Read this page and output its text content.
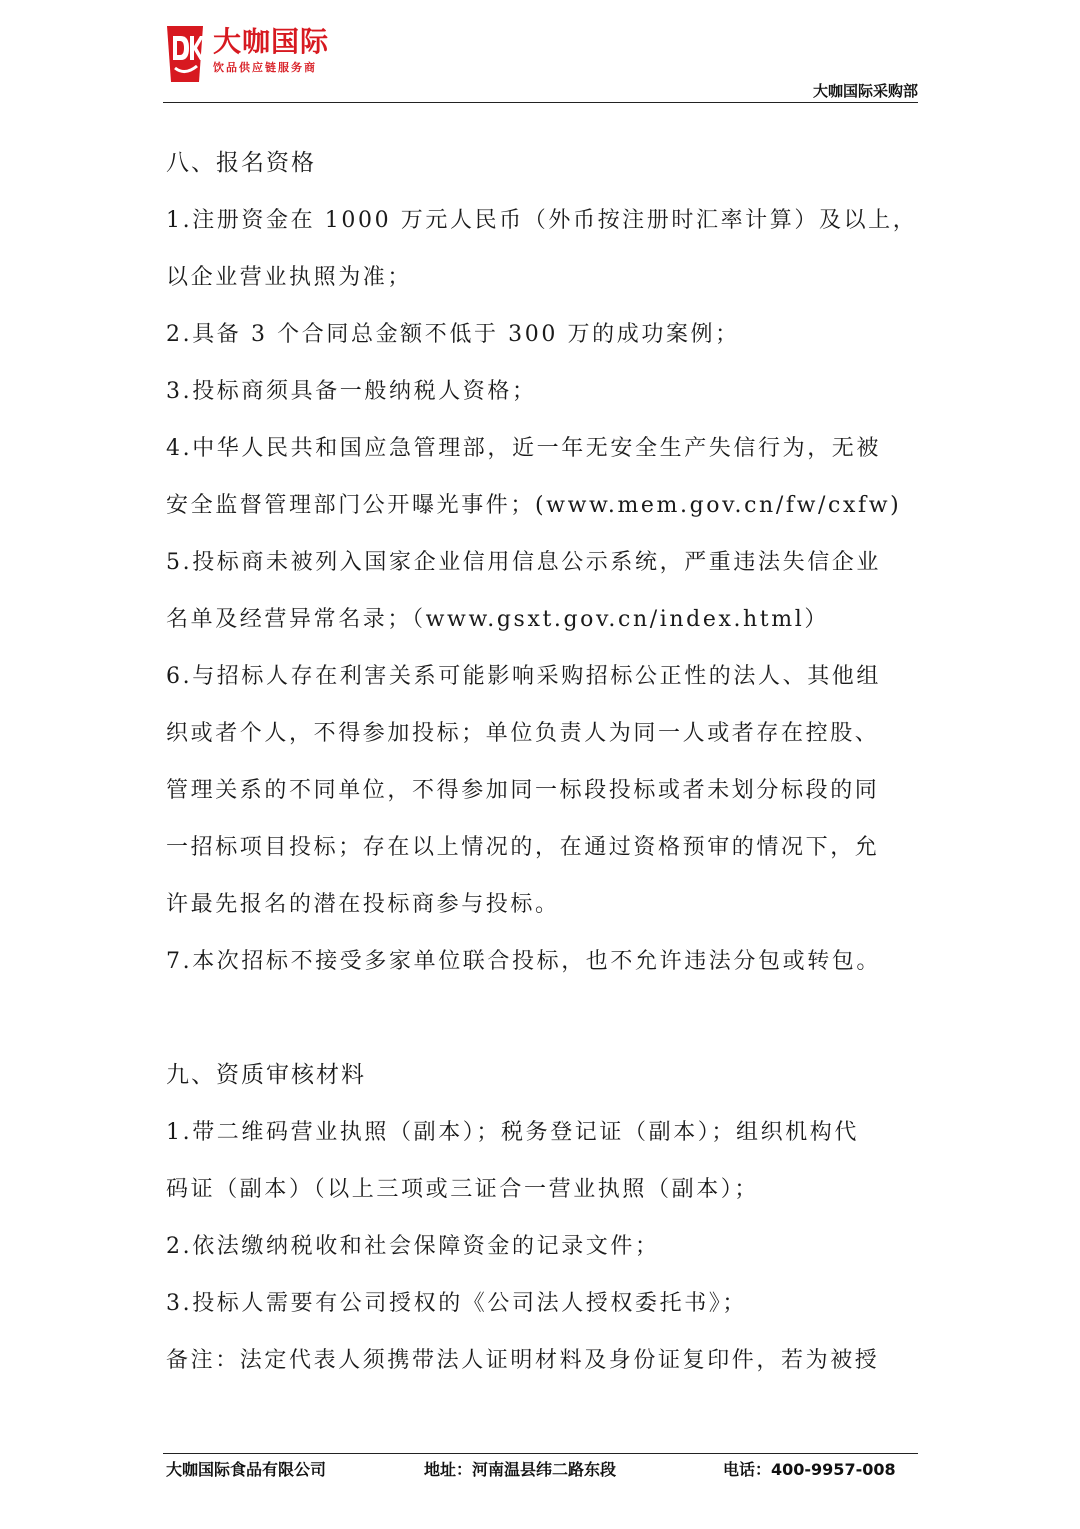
大咖国际
饮品供应链服务商
大咖国际采购部
八、报名资格

1.注册资金在 1000 万元人民币（外币按注册时汇率计算）及以上，

以企业营业执照为准；

2.具备 3 个合同总金额不低于 300 万的成功案例；

3.投标商须具备一般纳税人资格；

4.中华人民共和国应急管理部，近一年无安全生产失信行为，无被

安全监督管理部门公开曝光事件；(www.mem.gov.cn/fw/cxfw)

5.投标商未被列入国家企业信用信息公示系统，严重违法失信企业

名单及经营异常名录；（www.gsxt.gov.cn/index.html）

6.与招标人存在利害关系可能影响采购招标公正性的法人、其他组

织或者个人，不得参加投标；单位负责人为同一人或者存在控股、

管理关系的不同单位，不得参加同一标段投标或者未划分标段的同

一招标项目投标；存在以上情况的，在通过资格预审的情况下，允

许最先报名的潜在投标商参与投标。

7.本次招标不接受多家单位联合投标，也不允许违法分包或转包。

九、资质审核材料

1.带二维码营业执照（副本）；税务登记证（副本）；组织机构代

码证（副本）（以上三项或三证合一营业执照（副本）；

2.依法缴纳税收和社会保障资金的记录文件；

3.投标人需要有公司授权的《公司法人授权委托书》；

备注：法定代表人须携带法人证明材料及身份证复印件，若为被授

大咖国际食品有限公司	地址：河南温县纬二路东段	电话：400-9957-008
